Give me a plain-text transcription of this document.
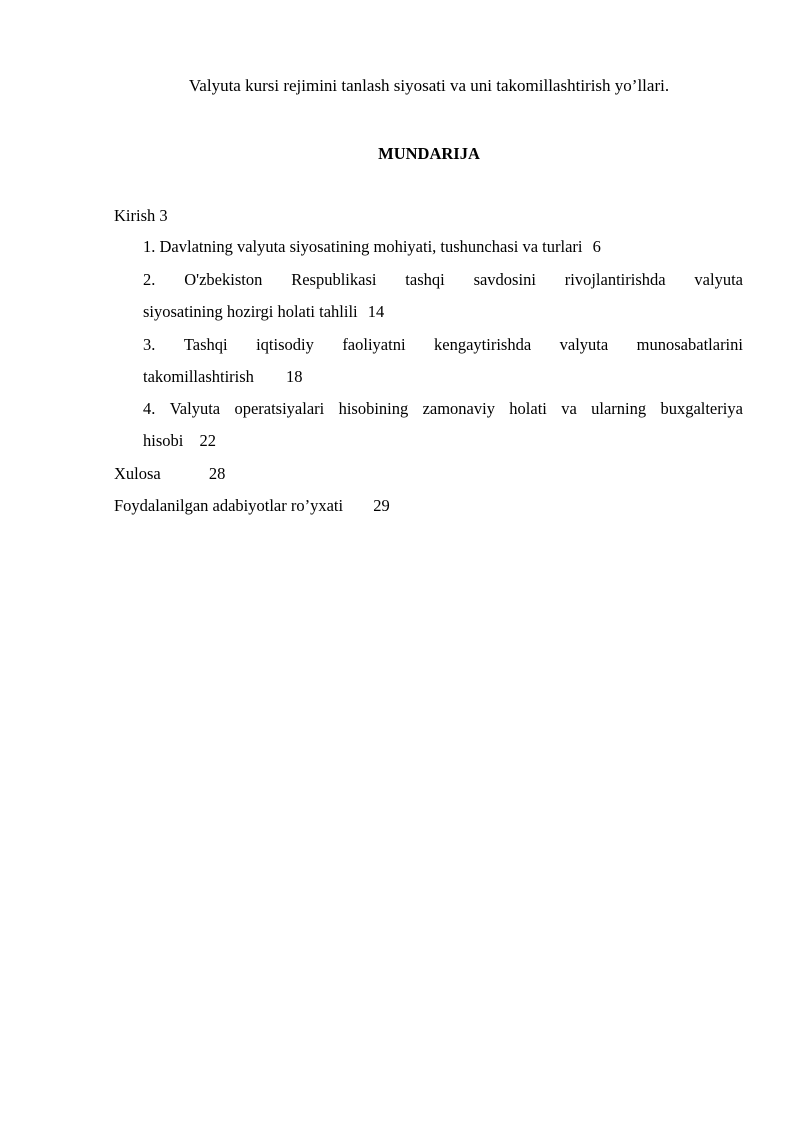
Valyuta kursi rejimini tanlash siyosati va uni takomillashtirish yo’llari.
MUNDARIJA
Kirish 3
1. Davlatning valyuta siyosatining mohiyati, tushunchasi va turlari 6
2. O'zbekiston Respublikasi tashqi savdosini rivojlantirishda valyuta
siyosatining hozirgi holati tahlili 14
3. Tashqi iqtisodiy faoliyatni kengaytirishda valyuta munosabatlarini
takomillashtirish 18
4. Valyuta operatsiyalari hisobining zamonaviy holati va ularning buxgalteriya
hisobi 22
Xulosa	28
Foydalanilgan adabiyotlar ro’yxati 29
